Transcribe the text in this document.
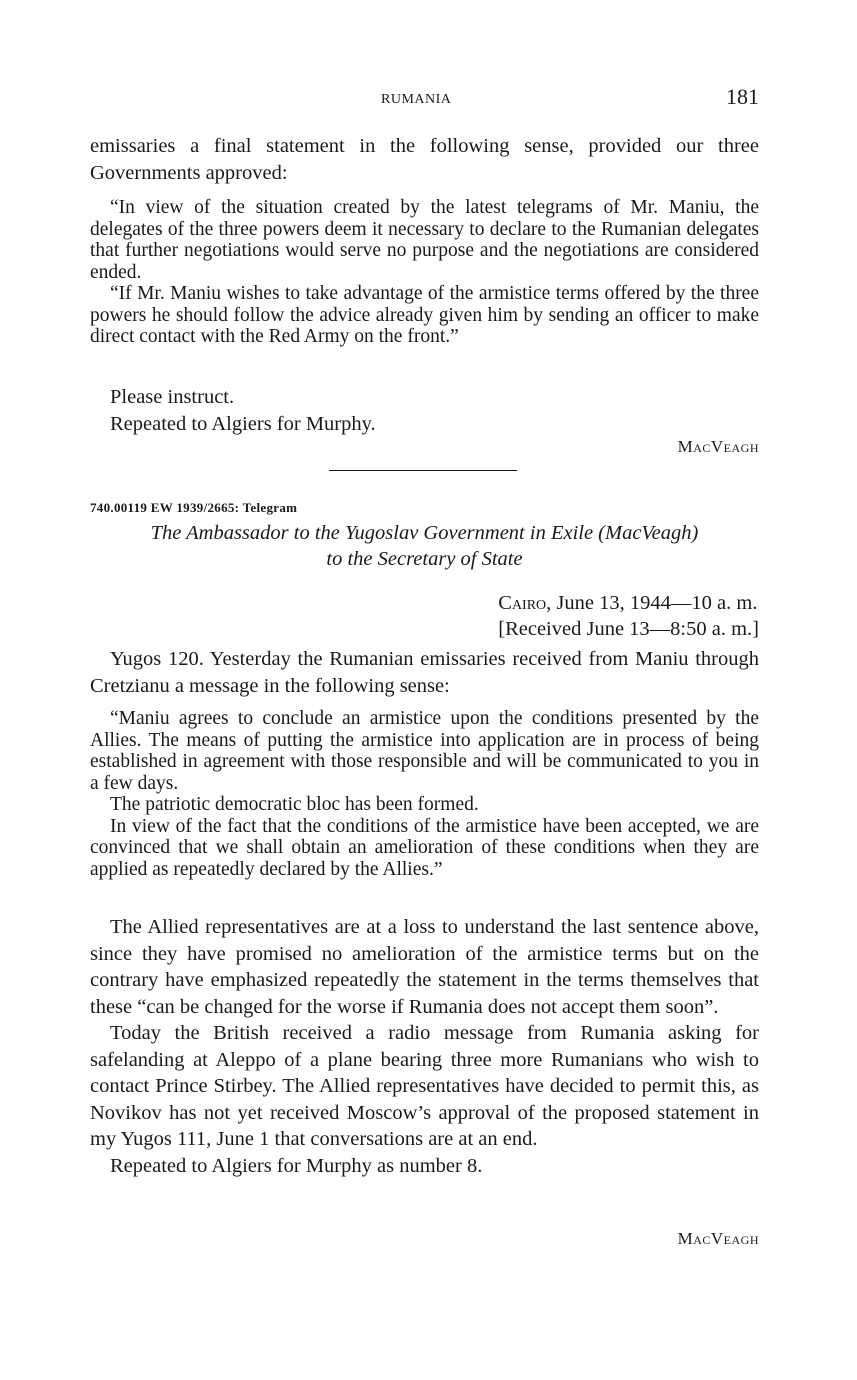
RUMANIA	181

emissaries a final statement in the following sense, provided our three Governments approved:

“In view of the situation created by the latest telegrams of Mr. Maniu, the delegates of the three powers deem it necessary to declare to the Rumanian delegates that further negotiations would serve no purpose and the negotiations are considered ended.

“If Mr. Maniu wishes to take advantage of the armistice terms offered by the three powers he should follow the advice already given him by sending an officer to make direct contact with the Red Army on the front.”

Please instruct.

Repeated to Algiers for Murphy.

MacVeagh
740.00119 EW 1939/2665: Telegram
The Ambassador to the Yugoslav Government in Exile (MacVeagh)
to the Secretary of State
Cairo, June 13, 1944—10 a. m.
[Received June 13—8:50 a. m.]

Yugos 120. Yesterday the Rumanian emissaries received from Maniu through Cretzianu a message in the following sense:

“Maniu agrees to conclude an armistice upon the conditions presented by the Allies. The means of putting the armistice into application are in process of being established in agreement with those responsible and will be communicated to you in a few days.

The patriotic democratic bloc has been formed.

In view of the fact that the conditions of the armistice have been accepted, we are convinced that we shall obtain an amelioration of these conditions when they are applied as repeatedly declared by the Allies.”

The Allied representatives are at a loss to understand the last sentence above, since they have promised no amelioration of the armistice terms but on the contrary have emphasized repeatedly the statement in the terms themselves that these “can be changed for the worse if Rumania does not accept them soon”.

Today the British received a radio message from Rumania asking for safelanding at Aleppo of a plane bearing three more Rumanians who wish to contact Prince Stirbey. The Allied representatives have decided to permit this, as Novikov has not yet received Moscow’s approval of the proposed statement in my Yugos 111, June 1 that conversations are at an end.

Repeated to Algiers for Murphy as number 8.

MacVeagh
